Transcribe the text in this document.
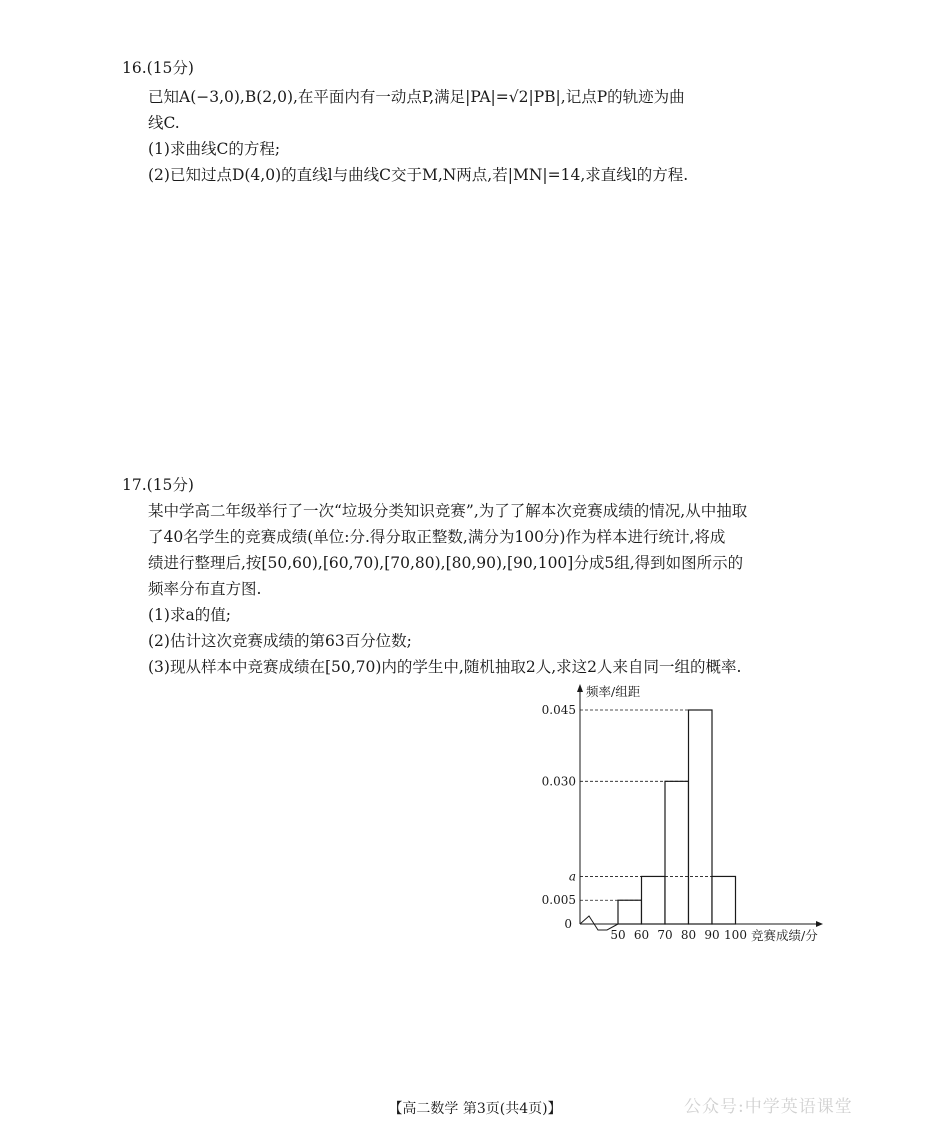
16.(15分)
已知A(−3,0),B(2,0),在平面内有一动点P,满足|PA|=√2|PB|,记点P的轨迹为曲
线C.
(1)求曲线C的方程;
(2)已知过点D(4,0)的直线l与曲线C交于M,N两点,若|MN|=14,求直线l的方程.
17.(15分)
某中学高二年级举行了一次“垃圾分类知识竞赛”,为了了解本次竞赛成绩的情况,从中抽取
了40名学生的竞赛成绩(单位:分.得分取正整数,满分为100分)作为样本进行统计,将成
绩进行整理后,按[50,60),[60,70),[70,80),[80,90),[90,100]分成5组,得到如图所示的
频率分布直方图.
(1)求a的值;
(2)估计这次竞赛成绩的第63百分位数;
(3)现从样本中竞赛成绩在[50,70)内的学生中,随机抽取2人,求这2人来自同一组的概率.
0.005
a
0.030
0.045
0
50 60 70 80 90 100 竞赛成绩/分
频率/组距
【高二数学 第3页(共4页)】	公众号:中学英语课堂
